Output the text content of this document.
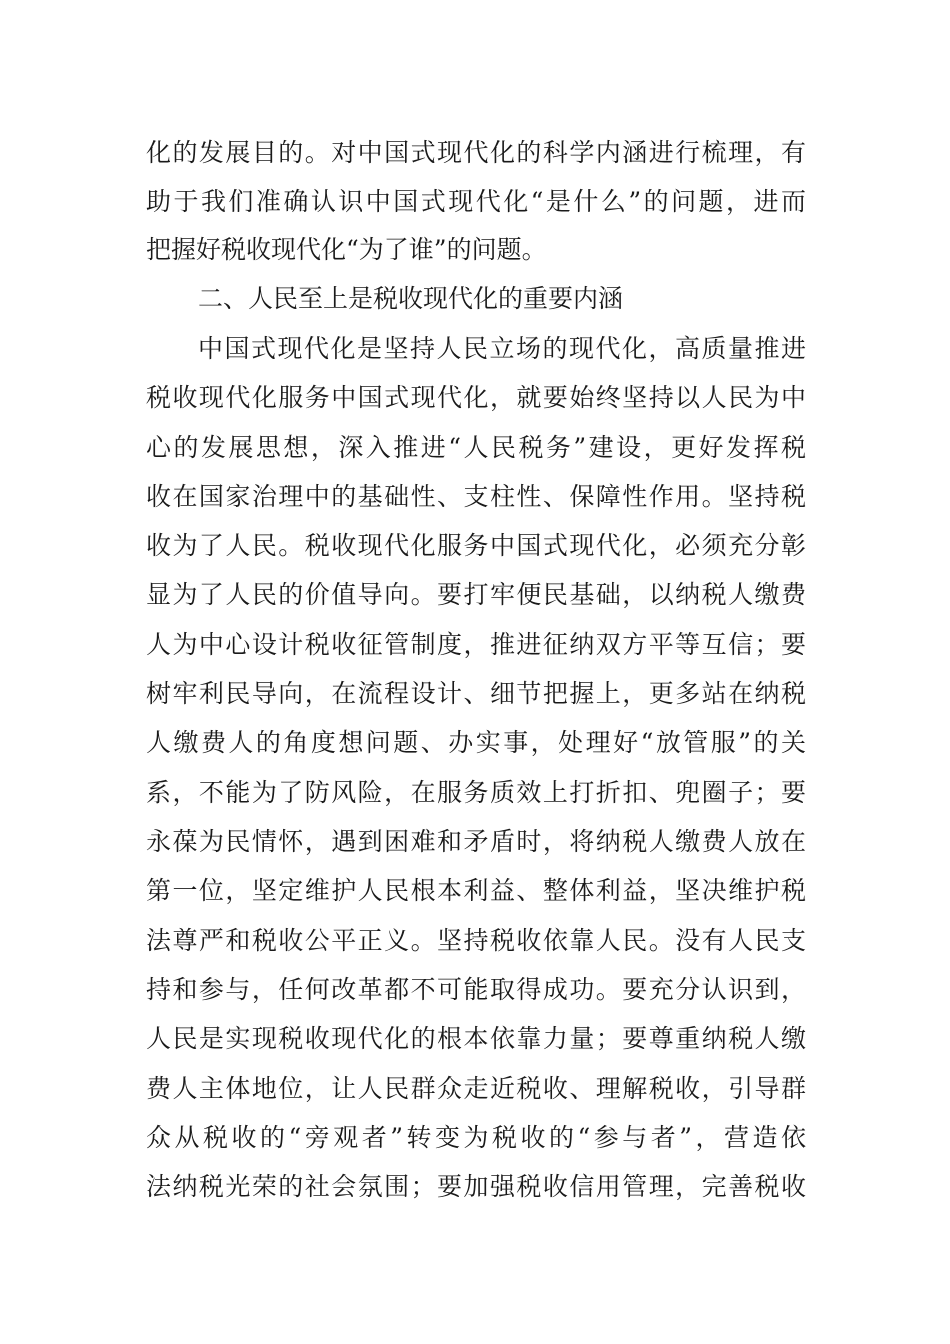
化的发展目的。对中国式现代化的科学内涵进行梳理，有
助于我们准确认识中国式现代化“是什么”的问题，进而
把握好税收现代化“为了谁”的问题。
二、人民至上是税收现代化的重要内涵
中国式现代化是坚持人民立场的现代化，高质量推进
税收现代化服务中国式现代化，就要始终坚持以人民为中
心的发展思想，深入推进“人民税务”建设，更好发挥税
收在国家治理中的基础性、支柱性、保障性作用。坚持税
收为了人民。税收现代化服务中国式现代化，必须充分彰
显为了人民的价值导向。要打牢便民基础，以纳税人缴费
人为中心设计税收征管制度，推进征纳双方平等互信；要
树牢利民导向，在流程设计、细节把握上，更多站在纳税
人缴费人的角度想问题、办实事，处理好“放管服”的关
系，不能为了防风险，在服务质效上打折扣、兜圈子；要
永葆为民情怀，遇到困难和矛盾时，将纳税人缴费人放在
第一位，坚定维护人民根本利益、整体利益，坚决维护税
法尊严和税收公平正义。坚持税收依靠人民。没有人民支
持和参与，任何改革都不可能取得成功。要充分认识到，
人民是实现税收现代化的根本依靠力量；要尊重纳税人缴
费人主体地位，让人民群众走近税收、理解税收，引导群
众从税收的“旁观者”转变为税收的“参与者”，营造依
法纳税光荣的社会氛围；要加强税收信用管理，完善税收
